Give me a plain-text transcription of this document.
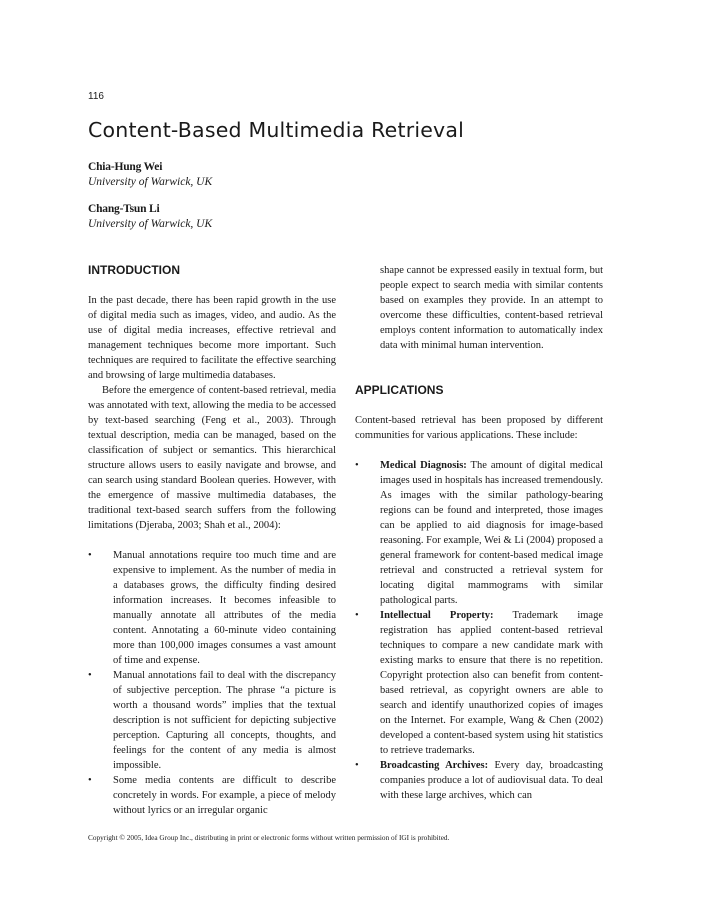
116
Content-Based Multimedia Retrieval
Chia-Hung Wei
University of Warwick, UK
Chang-Tsun Li
University of Warwick, UK
INTRODUCTION

In the past decade, there has been rapid growth in the use of digital media such as images, video, and audio. As the use of digital media increases, effective retrieval and management techniques become more important. Such techniques are required to facilitate the effective searching and browsing of large multimedia databases.

Before the emergence of content-based retrieval, media was annotated with text, allowing the media to be accessed by text-based searching (Feng et al., 2003). Through textual description, media can be managed, based on the classification of subject or semantics. This hierarchical structure allows users to easily navigate and browse, and can search using standard Boolean queries. However, with the emergence of massive multimedia databases, the traditional text-based search suffers from the following limitations (Djeraba, 2003; Shah et al., 2004):

• Manual annotations require too much time and are expensive to implement. As the number of media in a databases grows, the difficulty finding desired information increases. It becomes infeasible to manually annotate all attributes of the media content. Annotating a 60-minute video containing more than 100,000 images consumes a vast amount of time and expense.
• Manual annotations fail to deal with the discrepancy of subjective perception. The phrase “a picture is worth a thousand words” implies that the textual description is not sufficient for depicting subjective perception. Capturing all concepts, thoughts, and feelings for the content of any media is almost impossible.
• Some media contents are difficult to describe concretely in words. For example, a piece of melody without lyrics or an irregular organic
shape cannot be expressed easily in textual form, but people expect to search media with similar contents based on examples they provide. In an attempt to overcome these difficulties, content-based retrieval employs content information to automatically index data with minimal human intervention.
APPLICATIONS

Content-based retrieval has been proposed by different communities for various applications. These include:

• Medical Diagnosis: The amount of digital medical images used in hospitals has increased tremendously. As images with the similar pathology-bearing regions can be found and interpreted, those images can be applied to aid diagnosis for image-based reasoning. For example, Wei & Li (2004) proposed a general framework for content-based medical image retrieval and constructed a retrieval system for locating digital mammograms with similar pathological parts.
• Intellectual Property: Trademark image registration has applied content-based retrieval techniques to compare a new candidate mark with existing marks to ensure that there is no repetition. Copyright protection also can benefit from content-based retrieval, as copyright owners are able to search and identify unauthorized copies of images on the Internet. For example, Wang & Chen (2002) developed a content-based system using hit statistics to retrieve trademarks.
• Broadcasting Archives: Every day, broadcasting companies produce a lot of audiovisual data. To deal with these large archives, which can
Copyright © 2005, Idea Group Inc., distributing in print or electronic forms without written permission of IGI is prohibited.
